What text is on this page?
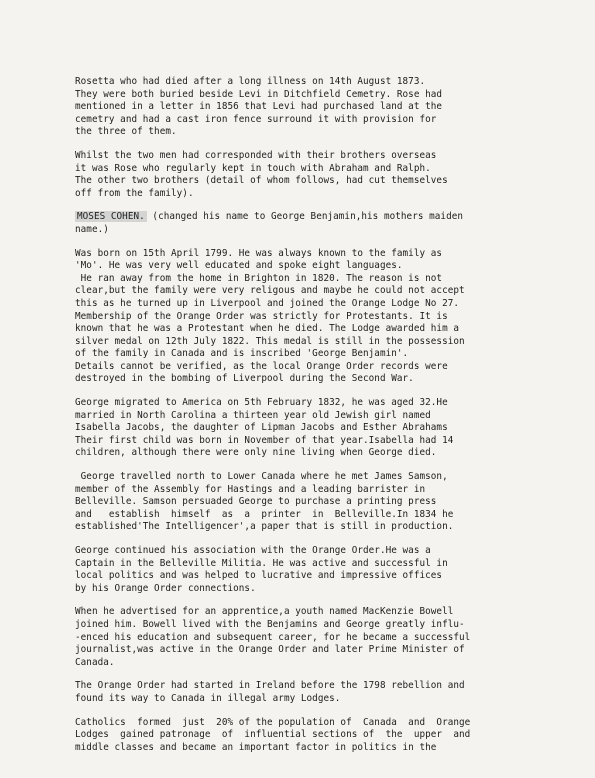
Rosetta who had died after a long illness on 14th August 1873.
They were both buried beside Levi in Ditchfield Cemetry. Rose had
mentioned in a letter in 1856 that Levi had purchased land at the
cemetry and had a cast iron fence surround it with provision for
the three of them.

Whilst the two men had corresponded with their brothers overseas
it was Rose who regularly kept in touch with Abraham and Ralph.
The other two brothers (detail of whom follows, had cut themselves
off from the family).

MOSES COHEN. (changed his name to George Benjamin,his mothers maiden
name.)

Was born on 15th April 1799. He was always known to the family as
'Mo'. He was very well educated and spoke eight languages.
He ran away from the home in Brighton in 1820. The reason is not
clear,but the family were very religous and maybe he could not accept
this as he turned up in Liverpool and joined the Orange Lodge No 27.
Membership of the Orange Order was strictly for Protestants. It is
known that he was a Protestant when he died. The Lodge awarded him a
silver medal on 12th July 1822. This medal is still in the possession
of the family in Canada and is inscribed 'George Benjamin'.
Details cannot be verified, as the local Orange Order records were
destroyed in the bombing of Liverpool during the Second War.

George migrated to America on 5th February 1832, he was aged 32.He
married in North Carolina a thirteen year old Jewish girl named
Isabella Jacobs, the daughter of Lipman Jacobs and Esther Abrahams
Their first child was born in November of that year.Isabella had 14
children, although there were only nine living when George died.

George travelled north to Lower Canada where he met James Samson,
member of the Assembly for Hastings and a leading barrister in
Belleville. Samson persuaded George to purchase a printing press
and   establish  himself  as  a  printer  in  Belleville.In 1834 he
established'The Intelligencer',a paper that is still in production.

George continued his association with the Orange Order.He was a
Captain in the Belleville Militia. He was active and successful in
local politics and was helped to lucrative and impressive offices
by his Orange Order connections.

When he advertised for an apprentice,a youth named MacKenzie Bowell
joined him. Bowell lived with the Benjamins and George greatly influ-
-enced his education and subsequent career, for he became a successful
journalist,was active in the Orange Order and later Prime Minister of
Canada.

The Orange Order had started in Ireland before the 1798 rebellion and
found its way to Canada in illegal army Lodges.

Catholics  formed  just  20% of the population of  Canada  and  Orange
Lodges  gained patronage  of  influential sections of  the  upper  and
middle classes and became an important factor in politics in the
